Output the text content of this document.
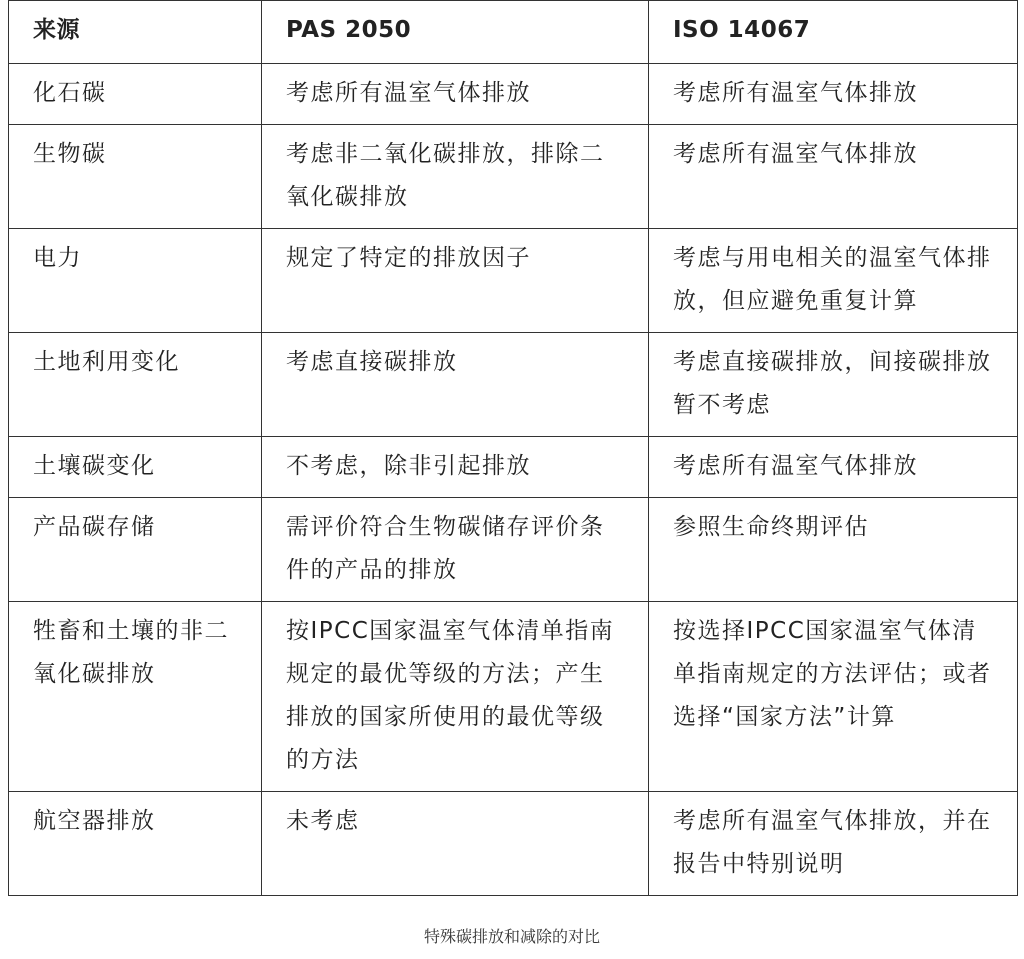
来源	PAS 2050	ISO 14067
化石碳	考虑所有温室气体排放	考虑所有温室气体排放
生物碳	考虑非二氧化碳排放，排除二氧化碳排放	考虑所有温室气体排放
电力	规定了特定的排放因子	考虑与用电相关的温室气体排放，但应避免重复计算
土地利用变化	考虑直接碳排放	考虑直接碳排放，间接碳排放暂不考虑
土壤碳变化	不考虑，除非引起排放	考虑所有温室气体排放
产品碳存储	需评价符合生物碳储存评价条件的产品的排放	参照生命终期评估
牲畜和土壤的非二氧化碳排放	按IPCC国家温室气体清单指南规定的最优等级的方法；产生排放的国家所使用的最优等级的方法	按选择IPCC国家温室气体清单指南规定的方法评估；或者选择“国家方法”计算
航空器排放	未考虑	考虑所有温室气体排放，并在报告中特别说明
特殊碳排放和减除的对比
